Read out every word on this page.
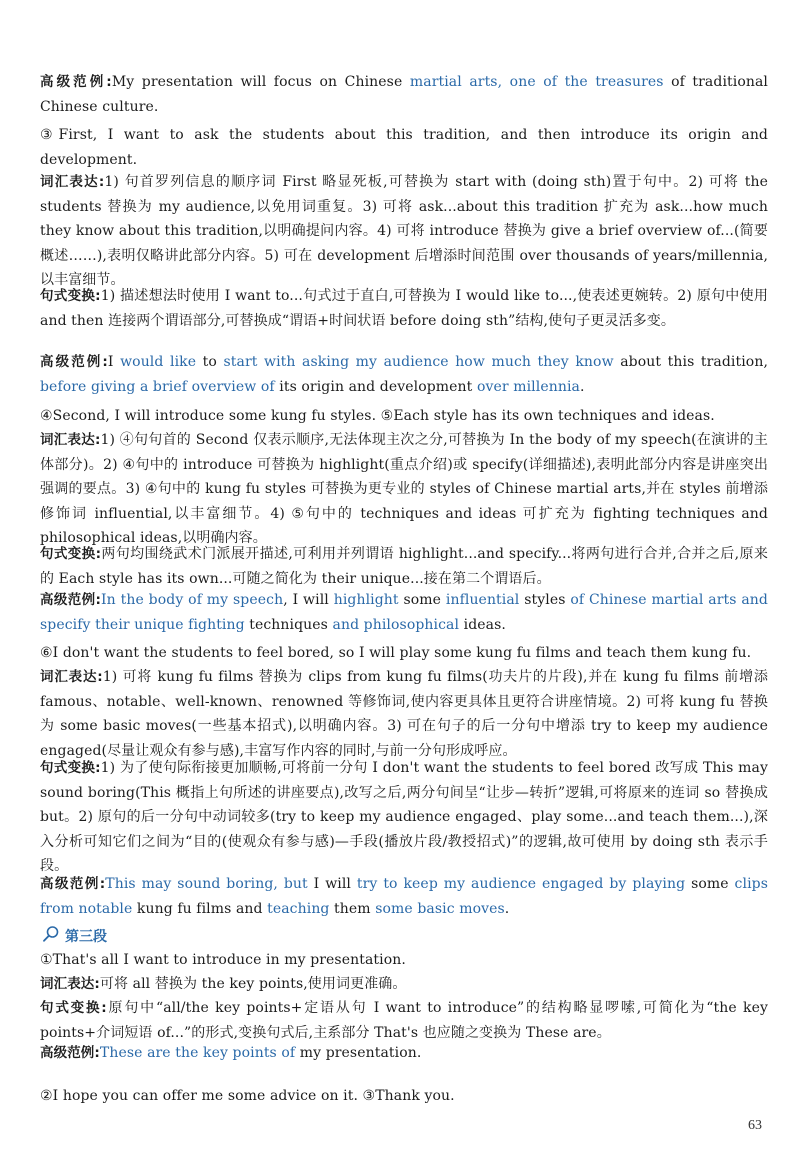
高级范例:My presentation will focus on Chinese martial arts, one of the treasures of traditional Chinese culture.
③First, I want to ask the students about this tradition, and then introduce its origin and development.
词汇表达:1) 句首罗列信息的顺序词 First 略显死板,可替换为 start with (doing sth)置于句中。2) 可将 the students 替换为 my audience,以免用词重复。3) 可将 ask...about this tradition 扩充为 ask...how much they know about this tradition,以明确提问内容。4) 可将 introduce 替换为 give a brief overview of...(简要概述……),表明仅略讲此部分内容。5) 可在 development 后增添时间范围 over thousands of years/millennia,以丰富细节。
句式变换:1) 描述想法时使用 I want to...句式过于直白,可替换为 I would like to...,使表述更婉转。2) 原句中使用 and then 连接两个谓语部分,可替换成“谓语+时间状语 before doing sth”结构,使句子更灵活多变。
高级范例:I would like to start with asking my audience how much they know about this tradition, before giving a brief overview of its origin and development over millennia.
④Second, I will introduce some kung fu styles. ⑤Each style has its own techniques and ideas.
词汇表达:1) ④句句首的 Second 仅表示顺序,无法体现主次之分,可替换为 In the body of my speech(在演讲的主体部分)。2) ④句中的 introduce 可替换为 highlight(重点介绍)或 specify(详细描述),表明此部分内容是讲座突出强调的要点。3) ④句中的 kung fu styles 可替换为更专业的 styles of Chinese martial arts,并在 styles 前增添修饰词 influential,以丰富细节。4) ⑤句中的 techniques and ideas 可扩充为 fighting techniques and philosophical ideas,以明确内容。
句式变换:两句均围绕武术门派展开描述,可利用并列谓语 highlight...and specify...将两句进行合并,合并之后,原来的 Each style has its own...可随之简化为 their unique...接在第二个谓语后。
高级范例:In the body of my speech, I will highlight some influential styles of Chinese martial arts and specify their unique fighting techniques and philosophical ideas.
⑥I don't want the students to feel bored, so I will play some kung fu films and teach them kung fu.
词汇表达:1) 可将 kung fu films 替换为 clips from kung fu films(功夫片的片段),并在 kung fu films 前增添 famous、notable、well-known、renowned 等修饰词,使内容更具体且更符合讲座情境。2) 可将 kung fu 替换为 some basic moves(一些基本招式),以明确内容。3) 可在句子的后一分句中增添 try to keep my audience engaged(尽量让观众有参与感),丰富写作内容的同时,与前一分句形成呼应。
句式变换:1) 为了使句际衔接更加顺畅,可将前一分句 I don't want the students to feel bored 改写成 This may sound boring(This 概指上句所述的讲座要点),改写之后,两分句间呈“让步—转折”逻辑,可将原来的连词 so 替换成 but。2) 原句的后一分句中动词较多(try to keep my audience engaged、play some...and teach them...),深入分析可知它们之间为“目的(使观众有参与感)—手段(播放片段/教授招式)”的逻辑,故可使用 by doing sth 表示手段。
高级范例:This may sound boring, but I will try to keep my audience engaged by playing some clips from notable kung fu films and teaching them some basic moves.
第三段
①That's all I want to introduce in my presentation.
词汇表达:可将 all 替换为 the key points,使用词更准确。
句式变换:原句中“all/the key points+定语从句 I want to introduce”的结构略显啰嗦,可简化为“the key points+介词短语 of...”的形式,变换句式后,主系部分 That's 也应随之变换为 These are。
高级范例:These are the key points of my presentation.
②I hope you can offer me some advice on it. ③Thank you.
63
